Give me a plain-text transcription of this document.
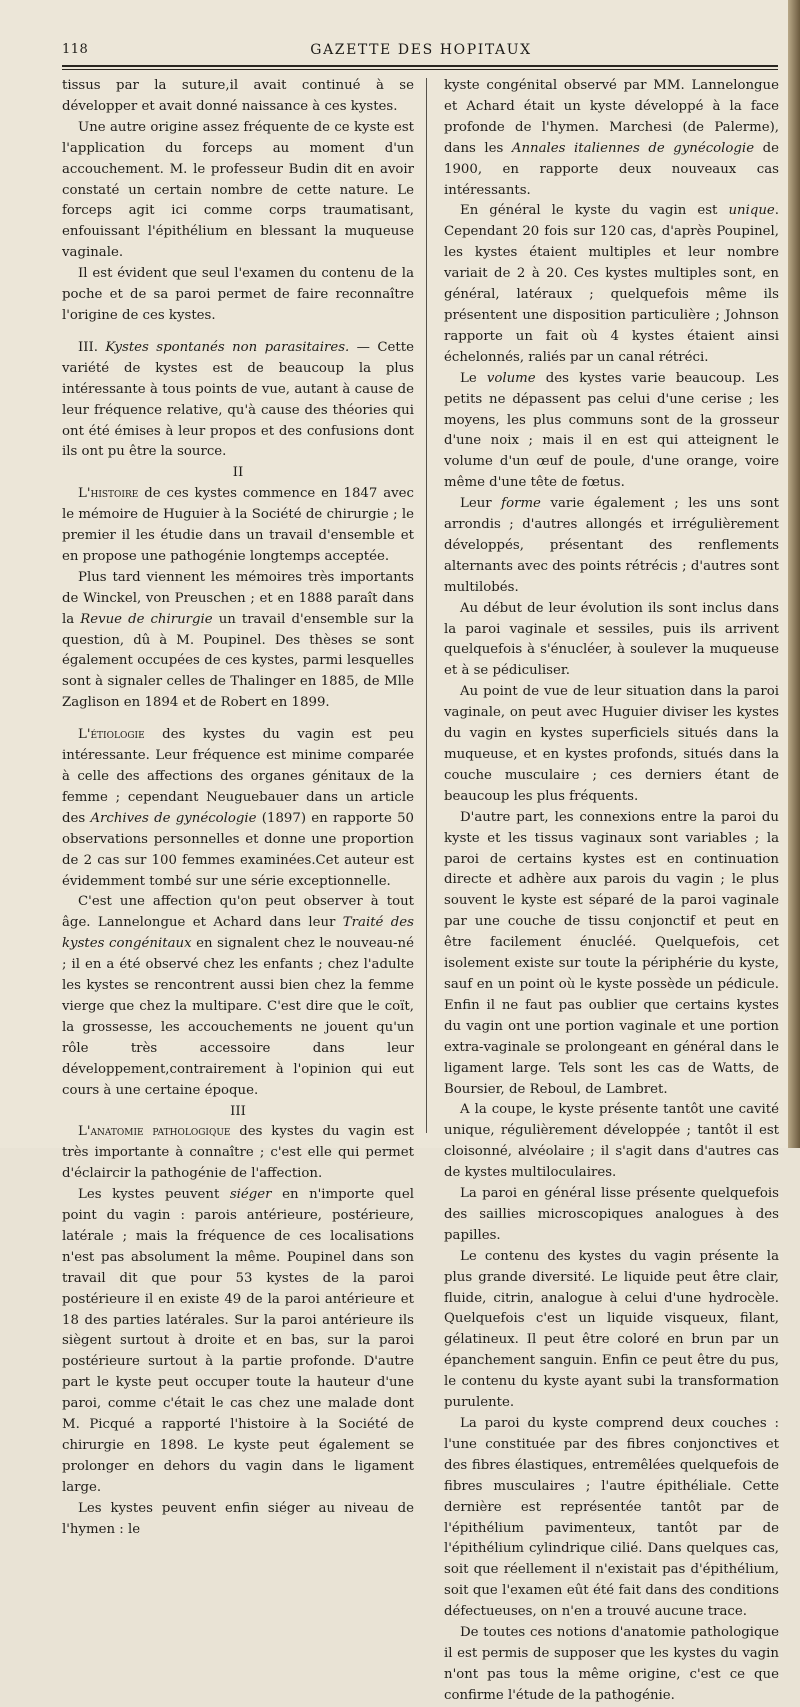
118	GAZETTE DES HOPITAUX

tissus par la suture,il avait continué à se développer et avait donné naissance à ces kystes.

Une autre origine assez fréquente de ce kyste est l'application du forceps au moment d'un accouchement. M. le professeur Budin dit en avoir constaté un certain nombre de cette nature. Le forceps agit ici comme corps traumatisant, enfouissant l'épithélium en blessant la muqueuse vaginale.

Il est évident que seul l'examen du contenu de la poche et de sa paroi permet de faire reconnaître l'origine de ces kystes.

III. Kystes spontanés non parasitaires. — Cette variété de kystes est de beaucoup la plus intéressante à tous points de vue, autant à cause de leur fréquence relative, qu'à cause des théories qui ont été émises à leur propos et des confusions dont ils ont pu être la source.

II

L'histoire de ces kystes commence en 1847 avec le mémoire de Huguier à la Société de chirurgie ; le premier il les étudie dans un travail d'ensemble et en propose une pathogénie longtemps acceptée.

Plus tard viennent les mémoires très importants de Winckel, von Preuschen ; et en 1888 paraît dans la Revue de chirurgie un travail d'ensemble sur la question, dû à M. Poupinel. Des thèses se sont également occupées de ces kystes, parmi lesquelles sont à signaler celles de Thalinger en 1885, de Mlle Zaglison en 1894 et de Robert en 1899.

L'étiologie des kystes du vagin est peu intéressante. Leur fréquence est minime comparée à celle des affections des organes génitaux de la femme ; cependant Neuguebauer dans un article des Archives de gynécologie (1897) en rapporte 50 observations personnelles et donne une proportion de 2 cas sur 100 femmes examinées.Cet auteur est évidemment tombé sur une série exceptionnelle.

C'est une affection qu'on peut observer à tout âge. Lannelongue et Achard dans leur Traité des kystes congénitaux en signalent chez le nouveau-né ; il en a été observé chez les enfants ; chez l'adulte les kystes se rencontrent aussi bien chez la femme vierge que chez la multipare. C'est dire que le coït, la grossesse, les accouchements ne jouent qu'un rôle très accessoire dans leur développement,contrairement à l'opinion qui eut cours à une certaine époque.

III

L'anatomie pathologique des kystes du vagin est très importante à connaître ; c'est elle qui permet d'éclaircir la pathogénie de l'affection.

Les kystes peuvent siéger en n'importe quel point du vagin : parois antérieure, postérieure, latérale ; mais la fréquence de ces localisations n'est pas absolument la même. Poupinel dans son travail dit que pour 53 kystes de la paroi postérieure il en existe 49 de la paroi antérieure et 18 des parties latérales. Sur la paroi antérieure ils siègent surtout à droite et en bas, sur la paroi postérieure surtout à la partie profonde. D'autre part le kyste peut occuper toute la hauteur d'une paroi, comme c'était le cas chez une malade dont M. Picqué a rapporté l'histoire à la Société de chirurgie en 1898. Le kyste peut également se prolonger en dehors du vagin dans le ligament large.

Les kystes peuvent enfin siéger au niveau de l'hymen : le

kyste congénital observé par MM. Lannelongue et Achard était un kyste développé à la face profonde de l'hymen. Marchesi (de Palerme), dans les Annales italiennes de gynécologie de 1900, en rapporte deux nouveaux cas intéressants.

En général le kyste du vagin est unique. Cependant 20 fois sur 120 cas, d'après Poupinel, les kystes étaient multiples et leur nombre variait de 2 à 20. Ces kystes multiples sont, en général, latéraux ; quelquefois même ils présentent une disposition particulière ; Johnson rapporte un fait où 4 kystes étaient ainsi échelonnés, raliés par un canal rétréci.

Le volume des kystes varie beaucoup. Les petits ne dépassent pas celui d'une cerise ; les moyens, les plus communs sont de la grosseur d'une noix ; mais il en est qui atteignent le volume d'un œuf de poule, d'une orange, voire même d'une tête de fœtus.

Leur forme varie également ; les uns sont arrondis ; d'autres allongés et irrégulièrement développés, présentant des renflements alternants avec des points rétrécis ; d'autres sont multilobés.

Au début de leur évolution ils sont inclus dans la paroi vaginale et sessiles, puis ils arrivent quelquefois à s'énucléer, à soulever la muqueuse et à se pédiculiser.

Au point de vue de leur situation dans la paroi vaginale, on peut avec Huguier diviser les kystes du vagin en kystes superficiels situés dans la muqueuse, et en kystes profonds, situés dans la couche musculaire ; ces derniers étant de beaucoup les plus fréquents.

D'autre part, les connexions entre la paroi du kyste et les tissus vaginaux sont variables ; la paroi de certains kystes est en continuation directe et adhère aux parois du vagin ; le plus souvent le kyste est séparé de la paroi vaginale par une couche de tissu conjonctif et peut en être facilement énucléé. Quelquefois, cet isolement existe sur toute la périphérie du kyste, sauf en un point où le kyste possède un pédicule. Enfin il ne faut pas oublier que certains kystes du vagin ont une portion vaginale et une portion extra-vaginale se prolongeant en général dans le ligament large. Tels sont les cas de Watts, de Boursier, de Reboul, de Lambret.

A la coupe, le kyste présente tantôt une cavité unique, régulièrement développée ; tantôt il est cloisonné, alvéolaire ; il s'agit dans d'autres cas de kystes multiloculaires.

La paroi en général lisse présente quelquefois des saillies microscopiques analogues à des papilles.

Le contenu des kystes du vagin présente la plus grande diversité. Le liquide peut être clair, fluide, citrin, analogue à celui d'une hydrocèle. Quelquefois c'est un liquide visqueux, filant, gélatineux. Il peut être coloré en brun par un épanchement sanguin. Enfin ce peut être du pus, le contenu du kyste ayant subi la transformation purulente.

La paroi du kyste comprend deux couches : l'une constituée par des fibres conjonctives et des fibres élastiques, entremêlées quelquefois de fibres musculaires ; l'autre épithéliale. Cette dernière est représentée tantôt par de l'épithélium pavimenteux, tantôt par de l'épithélium cylindrique cilié. Dans quelques cas, soit que réellement il n'existait pas d'épithélium, soit que l'examen eût été fait dans des conditions défectueuses, on n'en a trouvé aucune trace.

De toutes ces notions d'anatomie pathologique il est permis de supposer que les kystes du vagin n'ont pas tous la même origine, c'est ce que confirme l'étude de la pathogénie.
